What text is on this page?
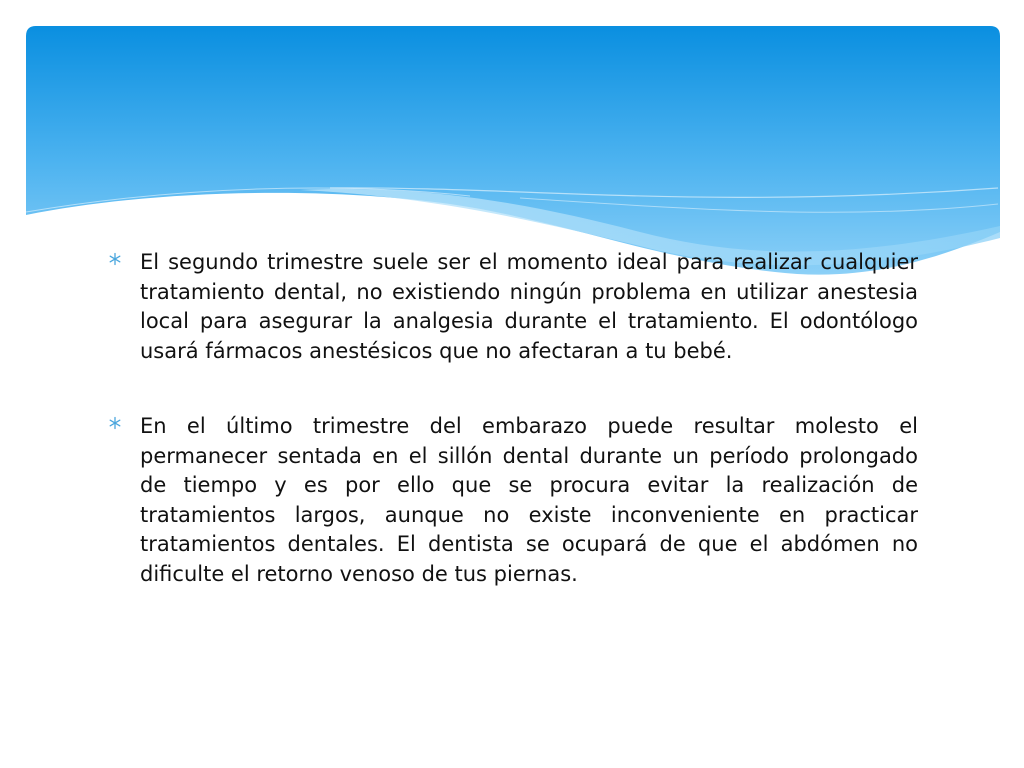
El segundo trimestre suele ser el momento ideal para realizar cualquier tratamiento dental, no existiendo ningún problema en utilizar anestesia local para asegurar la analgesia durante el tratamiento. El odontólogo usará fármacos anestésicos que no afectaran a tu bebé.

En el último trimestre del embarazo puede resultar molesto el permanecer sentada en el sillón dental durante un período prolongado de tiempo y es por ello que se procura evitar la realización de tratamientos largos, aunque no existe inconveniente en practicar tratamientos dentales. El dentista se ocupará de que el abdómen no dificulte el retorno venoso de tus piernas.
